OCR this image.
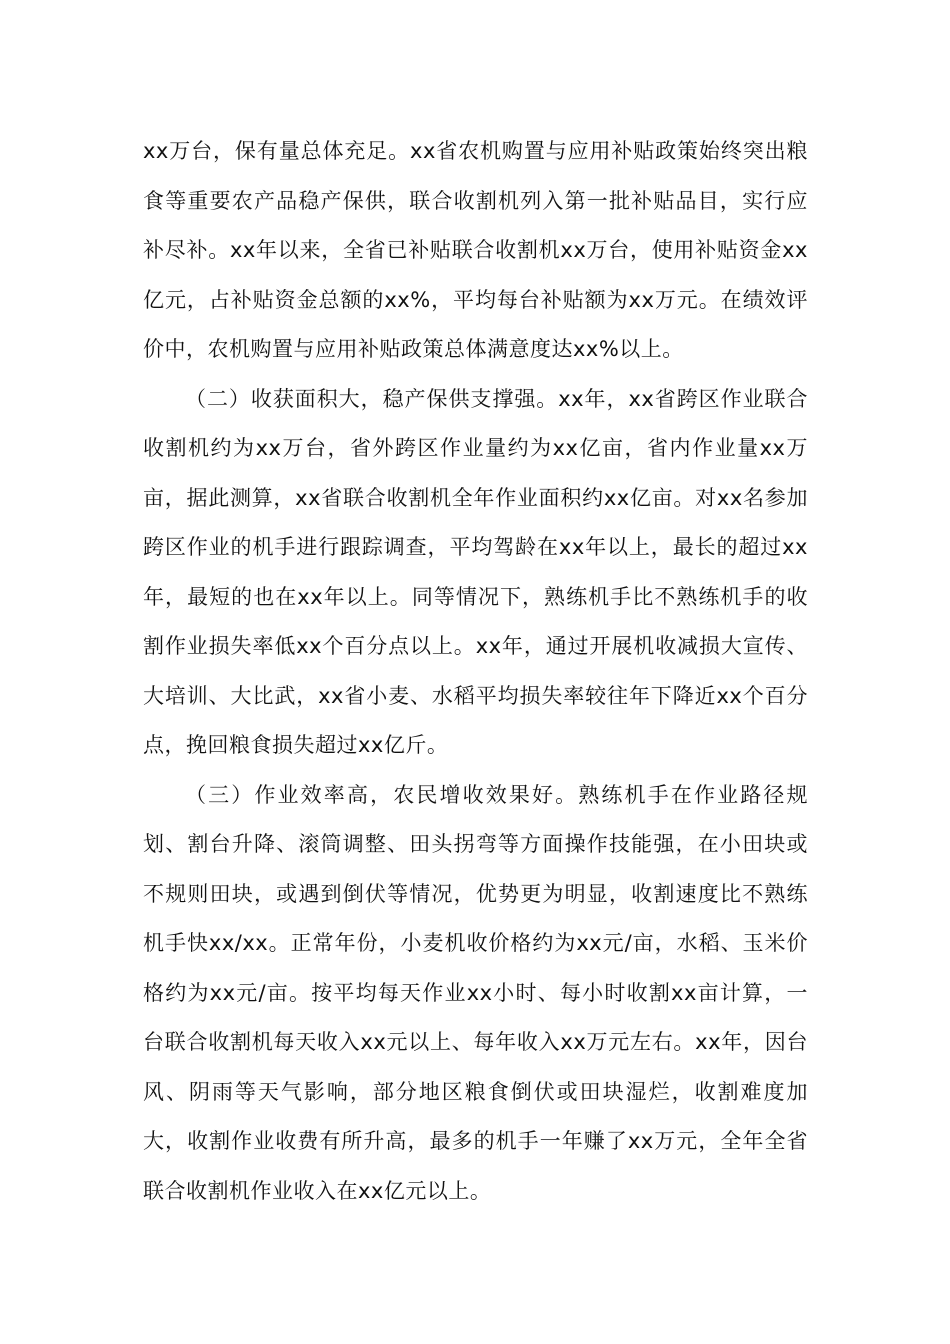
xx万台，保有量总体充足。xx省农机购置与应用补贴政策始终突出粮食等重要农产品稳产保供，联合收割机列入第一批补贴品目，实行应补尽补。xx年以来，全省已补贴联合收割机xx万台，使用补贴资金xx亿元，占补贴资金总额的xx%，平均每台补贴额为xx万元。在绩效评价中，农机购置与应用补贴政策总体满意度达xx%以上。

（二）收获面积大，稳产保供支撑强。xx年，xx省跨区作业联合收割机约为xx万台，省外跨区作业量约为xx亿亩，省内作业量xx万亩，据此测算，xx省联合收割机全年作业面积约xx亿亩。对xx名参加跨区作业的机手进行跟踪调查，平均驾龄在xx年以上，最长的超过xx年，最短的也在xx年以上。同等情况下，熟练机手比不熟练机手的收割作业损失率低xx个百分点以上。xx年，通过开展机收减损大宣传、大培训、大比武，xx省小麦、水稻平均损失率较往年下降近xx个百分点，挽回粮食损失超过xx亿斤。

（三）作业效率高，农民增收效果好。熟练机手在作业路径规划、割台升降、滚筒调整、田头拐弯等方面操作技能强，在小田块或不规则田块，或遇到倒伏等情况，优势更为明显，收割速度比不熟练机手快xx/xx。正常年份，小麦机收价格约为xx元/亩，水稻、玉米价格约为xx元/亩。按平均每天作业xx小时、每小时收割xx亩计算，一台联合收割机每天收入xx元以上、每年收入xx万元左右。xx年，因台风、阴雨等天气影响，部分地区粮食倒伏或田块湿烂，收割难度加大，收割作业收费有所升高，最多的机手一年赚了xx万元，全年全省联合收割机作业收入在xx亿元以上。
